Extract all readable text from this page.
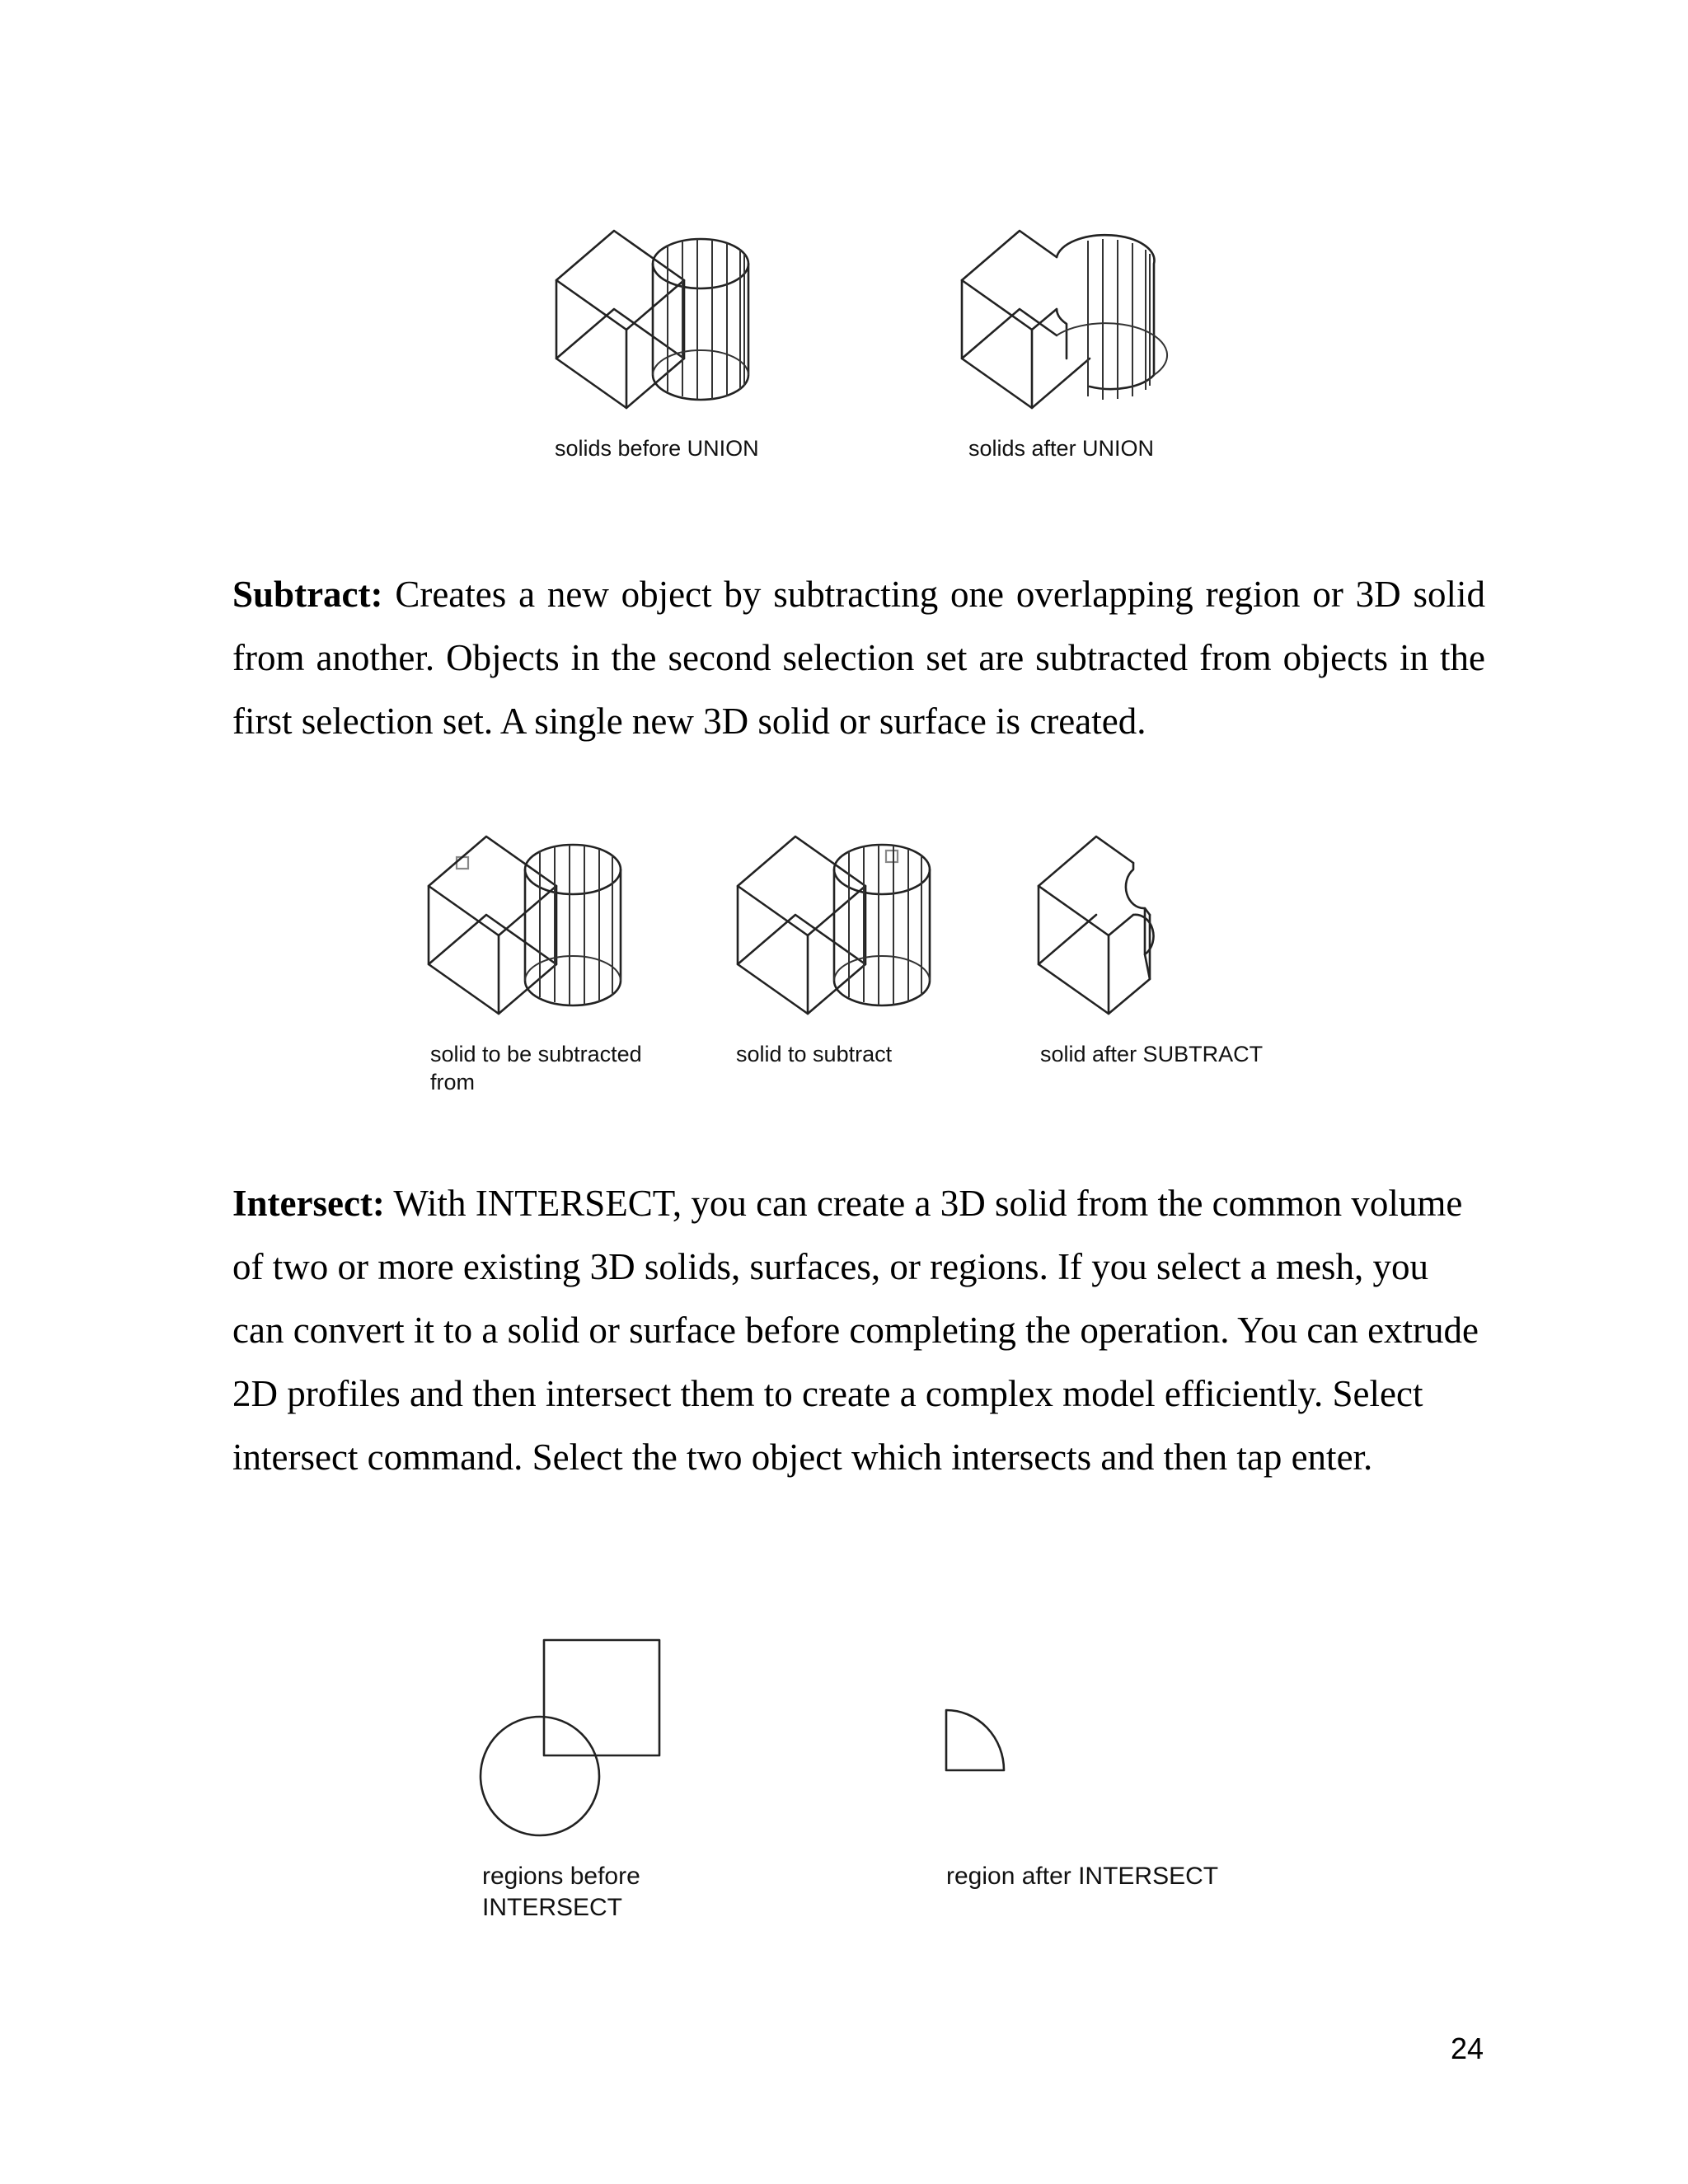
solids before UNION	solids after UNION

Subtract: Creates a new object by subtracting one overlapping region or 3D solid from another. Objects in the second selection set are subtracted from objects in the first selection set. A single new 3D solid or surface is created.

solid to be subtracted from
solid to subtract	solid after SUBTRACT

Intersect: With INTERSECT, you can create a 3D solid from the common volume of two or more existing 3D solids, surfaces, or regions. If you select a mesh, you can convert it to a solid or surface before completing the operation. You can extrude 2D profiles and then intersect them to create a complex model efficiently. Select intersect command. Select the two object which intersects and then tap enter.

regions before INTERSECT
region after INTERSECT
24
